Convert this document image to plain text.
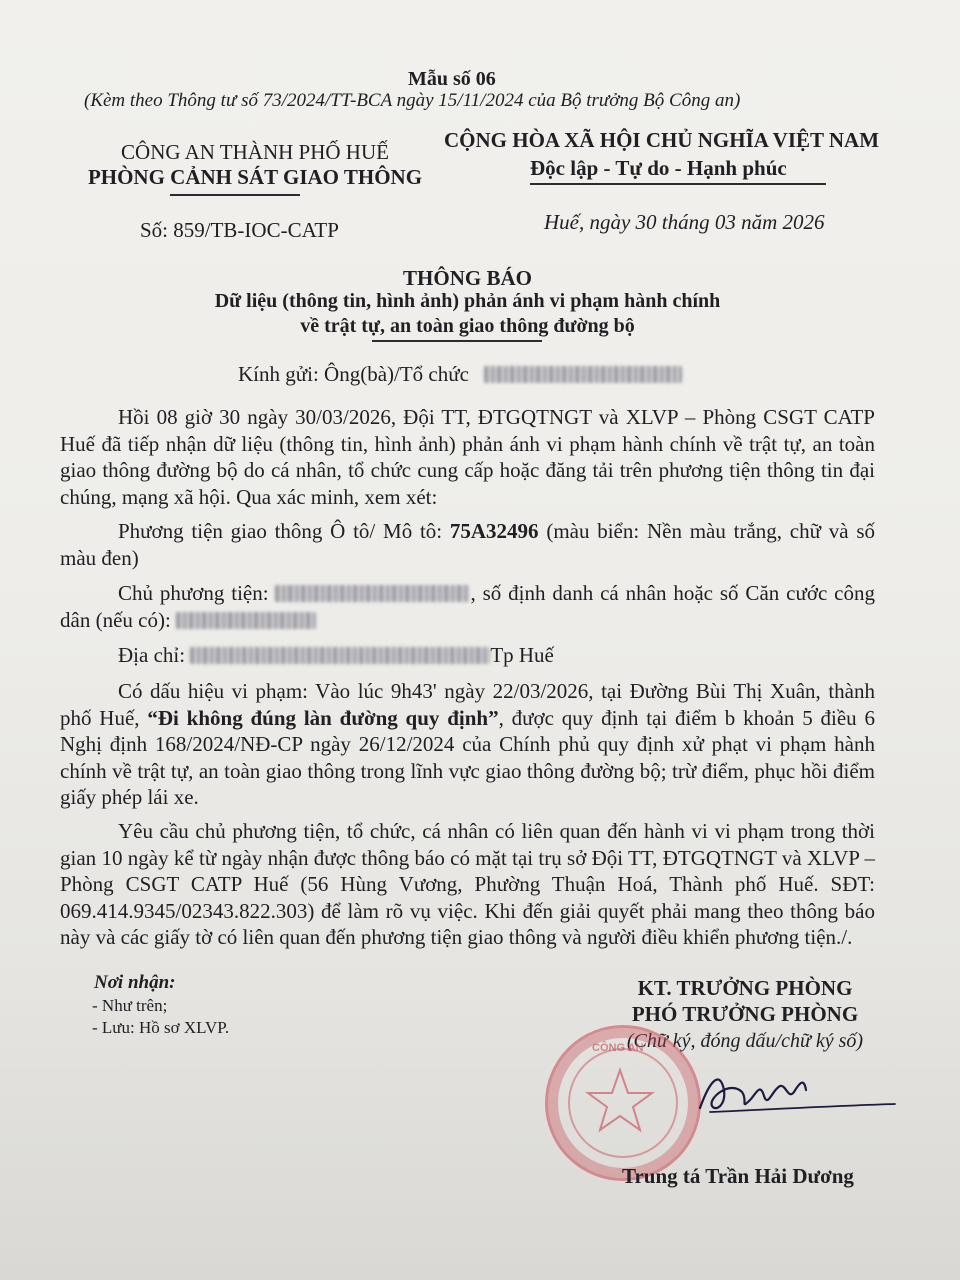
Mẫu số 06
(Kèm theo Thông tư số 73/2024/TT-BCA ngày 15/11/2024 của Bộ trưởng Bộ Công an)
CÔNG AN THÀNH PHỐ HUẾ
PHÒNG CẢNH SÁT GIAO THÔNG
Số: 859/TB-IOC-CATP
CỘNG HÒA XÃ HỘI CHỦ NGHĨA VIỆT NAM
Độc lập - Tự do - Hạnh phúc
Huế, ngày 30 tháng 03 năm 2026
THÔNG BÁO
Dữ liệu (thông tin, hình ảnh) phản ánh vi phạm hành chính
về trật tự, an toàn giao thông đường bộ
Kính gửi: Ông(bà)/Tổ chức
Hồi 08 giờ 30 ngày 30/03/2026, Đội TT, ĐTGQTNGT và XLVP – Phòng CSGT CATP Huế đã tiếp nhận dữ liệu (thông tin, hình ảnh) phản ánh vi phạm hành chính về trật tự, an toàn giao thông đường bộ do cá nhân, tổ chức cung cấp hoặc đăng tải trên phương tiện thông tin đại chúng, mạng xã hội. Qua xác minh, xem xét:
Phương tiện giao thông Ô tô/ Mô tô: 75A32496 (màu biển: Nền màu trắng, chữ và số màu đen)
Chủ phương tiện:	, số định danh cá nhân hoặc số Căn cước công dân (nếu có):
Địa chỉ:	Tp Huế
Có dấu hiệu vi phạm: Vào lúc 9h43' ngày 22/03/2026, tại Đường Bùi Thị Xuân, thành phố Huế, “Đi không đúng làn đường quy định”, được quy định tại điểm b khoản 5 điều 6 Nghị định 168/2024/NĐ-CP ngày 26/12/2024 của Chính phủ quy định xử phạt vi phạm hành chính về trật tự, an toàn giao thông trong lĩnh vực giao thông đường bộ; trừ điểm, phục hồi điểm giấy phép lái xe.
Yêu cầu chủ phương tiện, tổ chức, cá nhân có liên quan đến hành vi vi phạm trong thời gian 10 ngày kể từ ngày nhận được thông báo có mặt tại trụ sở Đội TT, ĐTGQTNGT và XLVP – Phòng CSGT CATP Huế (56 Hùng Vương, Phường Thuận Hoá, Thành phố Huế. SĐT: 069.414.9345/02343.822.303) để làm rõ vụ việc. Khi đến giải quyết phải mang theo thông báo này và các giấy tờ có liên quan đến phương tiện giao thông và người điều khiển phương tiện./.
Nơi nhận:
- Như trên;
- Lưu: Hồ sơ XLVP.
KT. TRƯỞNG PHÒNG
PHÓ TRƯỞNG PHÒNG
(Chữ ký, đóng dấu/chữ ký số)
CÔNG AN
Trung tá Trần Hải Dương
